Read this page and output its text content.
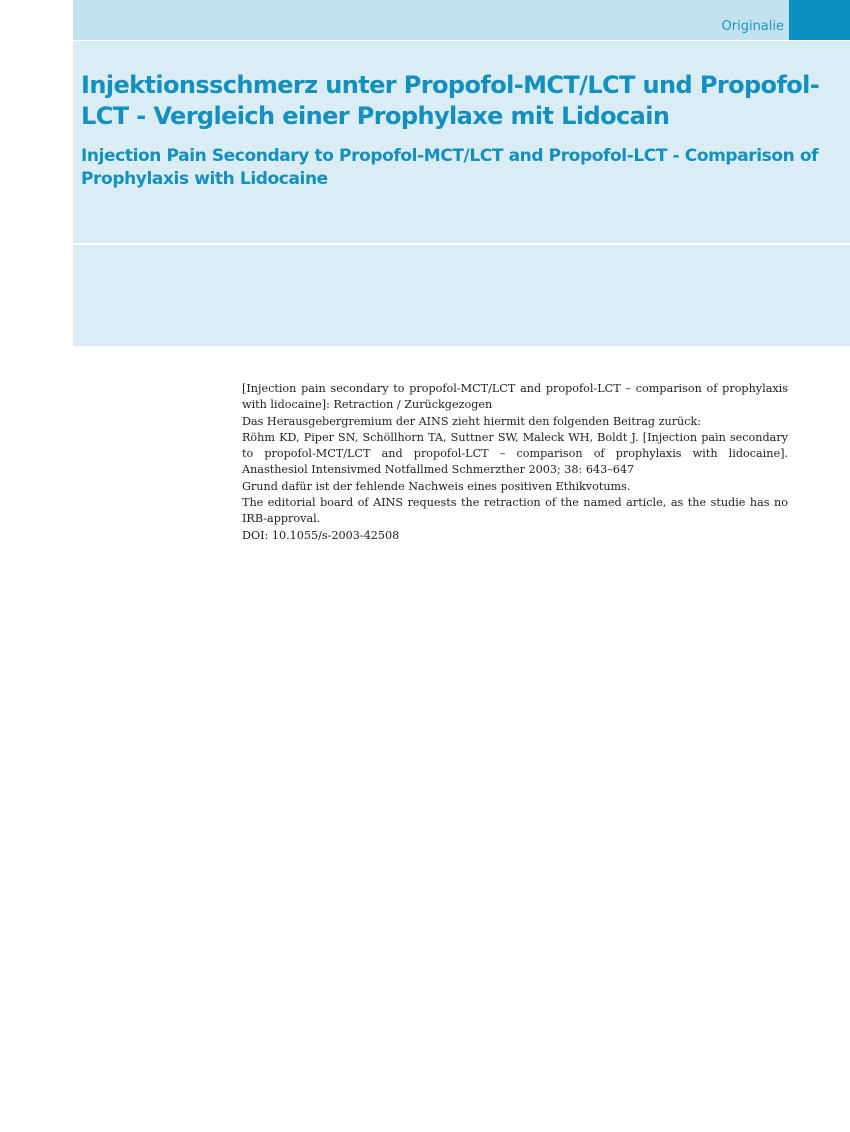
Originalie
Injektionsschmerz unter Propofol-MCT/LCT und Propofol-LCT - Vergleich einer Prophylaxe mit Lidocain
Injection Pain Secondary to Propofol-MCT/LCT and Propofol-LCT - Comparison of Prophylaxis with Lidocaine

[Injection pain secondary to propofol-MCT/LCT and propofol-LCT – comparison of prophylaxis with lidocaine]: Retraction / Zurückgezogen

Das Herausgebergremium der AINS zieht hiermit den folgenden Beitrag zurück:

Röhm KD, Piper SN, Schöllhorn TA, Suttner SW, Maleck WH, Boldt J. [Injection pain secondary to propofol-MCT/LCT and propofol-LCT – comparison of prophylaxis with lidocaine]. Anasthesiol Intensivmed Notfallmed Schmerzther 2003; 38: 643–647

Grund dafür ist der fehlende Nachweis eines positiven Ethikvotums.

The editorial board of AINS requests the retraction of the named article, as the studie has no IRB-approval.

DOI: 10.1055/s-2003-42508
